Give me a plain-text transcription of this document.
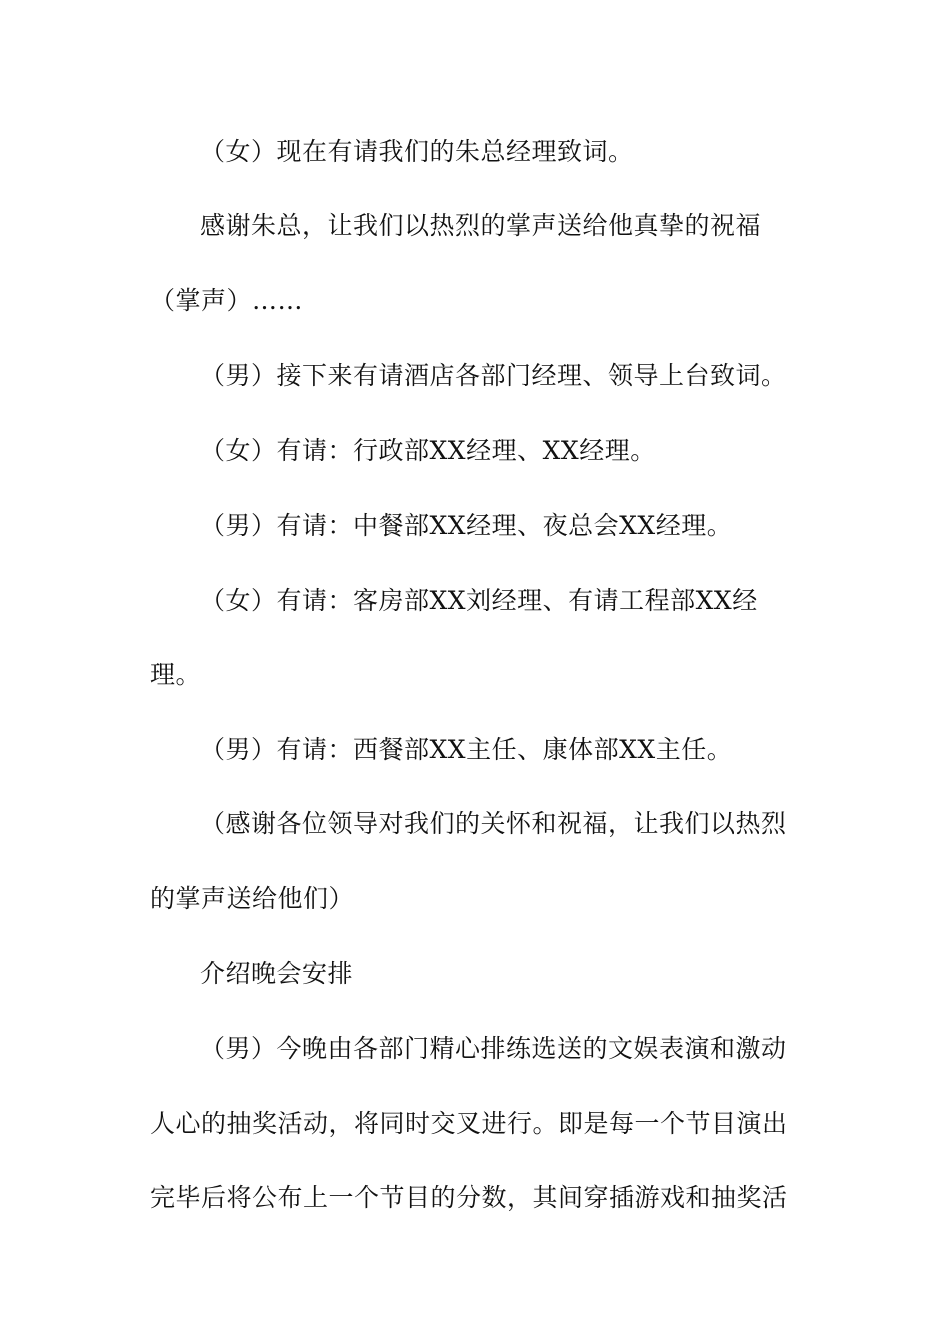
（女）现在有请我们的朱总经理致词。
感谢朱总，让我们以热烈的掌声送给他真挚的祝福
（掌声）……
（男）接下来有请酒店各部门经理、领导上台致词。
（女）有请：行政部XX经理、XX经理。
（男）有请：中餐部XX经理、夜总会XX经理。
（女）有请：客房部XX刘经理、有请工程部XX经
理。
（男）有请：西餐部XX主任、康体部XX主任。
（感谢各位领导对我们的关怀和祝福，让我们以热烈
的掌声送给他们）
介绍晚会安排
（男）今晚由各部门精心排练选送的文娱表演和激动
人心的抽奖活动，将同时交叉进行。即是每一个节目演出
完毕后将公布上一个节目的分数，其间穿插游戏和抽奖活
